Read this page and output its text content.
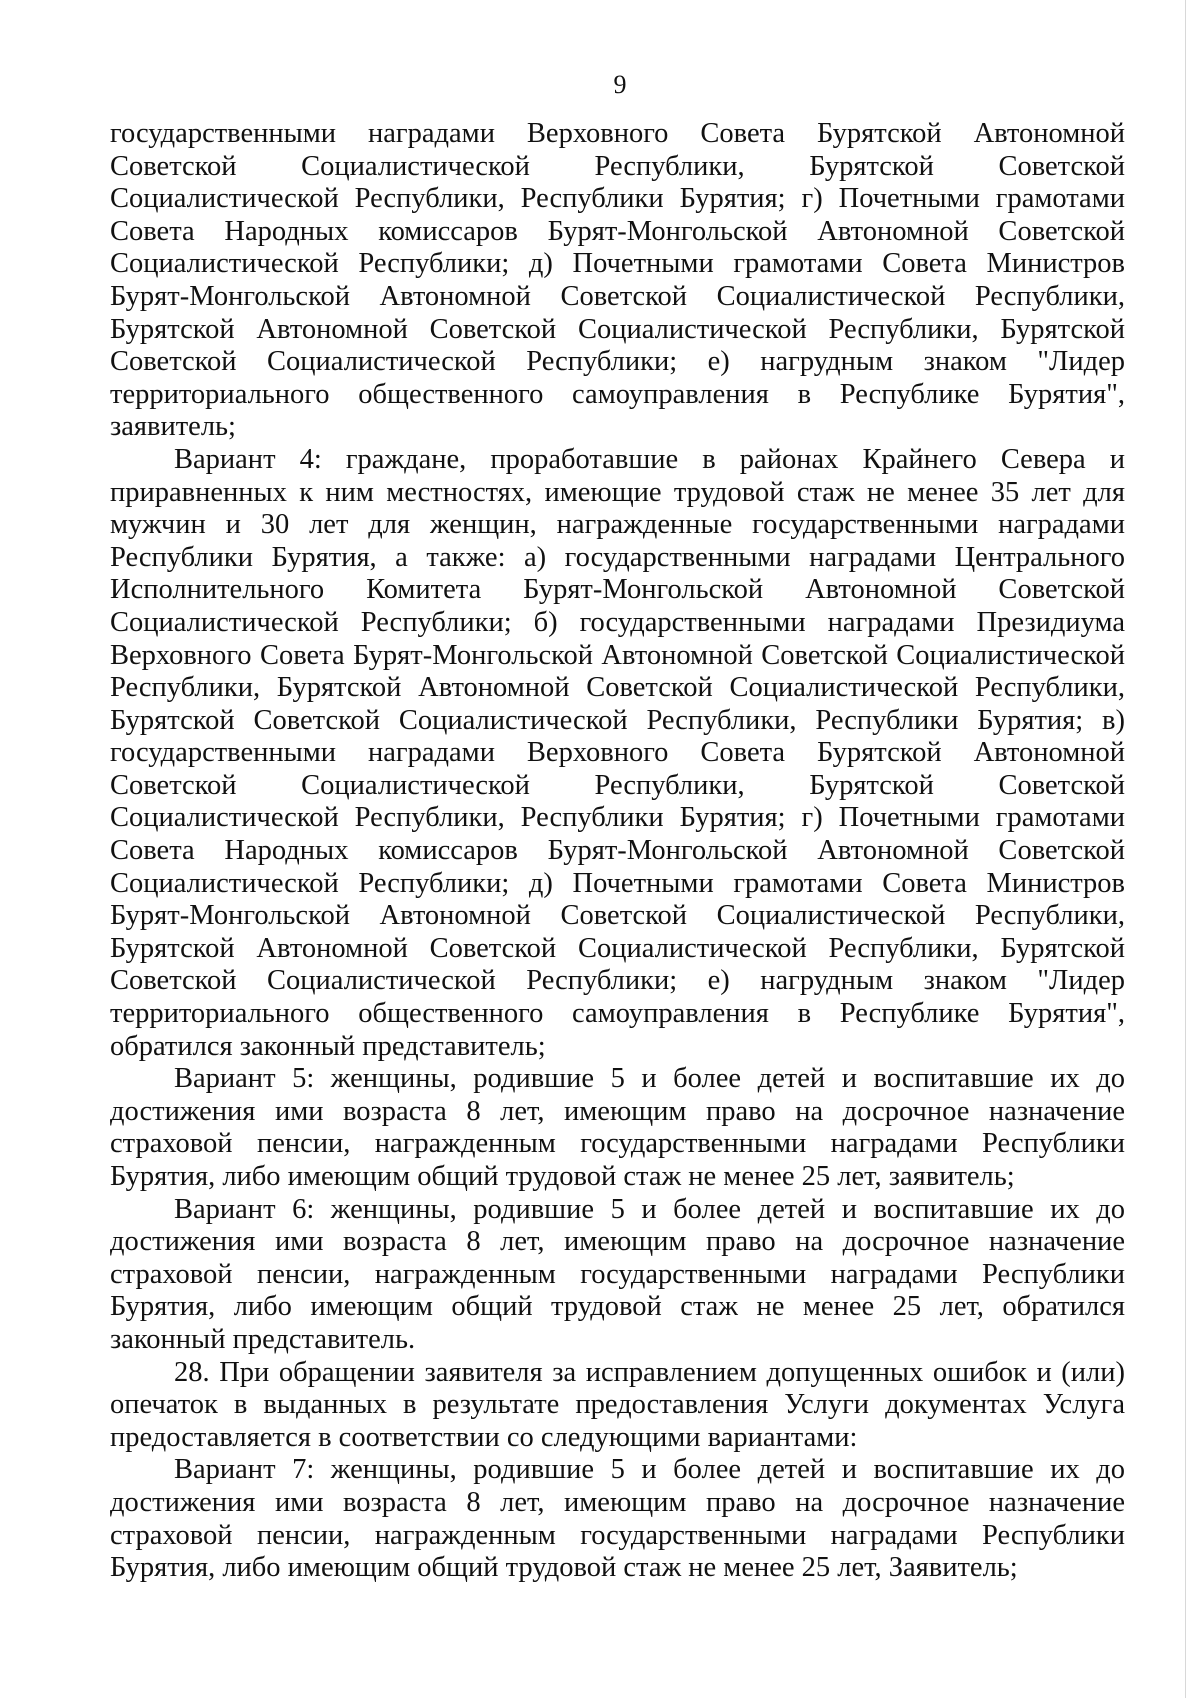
9

государственными наградами Верховного Совета Бурятской Автономной Советской Социалистической Республики, Бурятской Советской Социалистической Республики, Республики Бурятия; г) Почетными грамотами Совета Народных комиссаров Бурят-Монгольской Автономной Советской Социалистической Республики; д) Почетными грамотами Совета Министров Бурят-Монгольской Автономной Советской Социалистической Республики, Бурятской Автономной Советской Социалистической Республики, Бурятской Советской Социалистической Республики; е) нагрудным знаком "Лидер территориального общественного самоуправления в Республике Бурятия", заявитель;

Вариант 4: граждане, проработавшие в районах Крайнего Севера и приравненных к ним местностях, имеющие трудовой стаж не менее 35 лет для мужчин и 30 лет для женщин, награжденные государственными наградами Республики Бурятия, а также: а) государственными наградами Центрального Исполнительного Комитета Бурят-Монгольской Автономной Советской Социалистической Республики; б) государственными наградами Президиума Верховного Совета Бурят-Монгольской Автономной Советской Социалистической Республики, Бурятской Автономной Советской Социалистической Республики, Бурятской Советской Социалистической Республики, Республики Бурятия; в) государственными наградами Верховного Совета Бурятской Автономной Советской Социалистической Республики, Бурятской Советской Социалистической Республики, Республики Бурятия; г) Почетными грамотами Совета Народных комиссаров Бурят-Монгольской Автономной Советской Социалистической Республики; д) Почетными грамотами Совета Министров Бурят-Монгольской Автономной Советской Социалистической Республики, Бурятской Автономной Советской Социалистической Республики, Бурятской Советской Социалистической Республики; е) нагрудным знаком "Лидер территориального общественного самоуправления в Республике Бурятия", обратился законный представитель;

Вариант 5: женщины, родившие 5 и более детей и воспитавшие их до достижения ими возраста 8 лет, имеющим право на досрочное назначение страховой пенсии, награжденным государственными наградами Республики Бурятия, либо имеющим общий трудовой стаж не менее 25 лет, заявитель;

Вариант 6: женщины, родившие 5 и более детей и воспитавшие их до достижения ими возраста 8 лет, имеющим право на досрочное назначение страховой пенсии, награжденным государственными наградами Республики Бурятия, либо имеющим общий трудовой стаж не менее 25 лет, обратился законный представитель.

28. При обращении заявителя за исправлением допущенных ошибок и (или) опечаток в выданных в результате предоставления Услуги документах Услуга предоставляется в соответствии со следующими вариантами:

Вариант 7: женщины, родившие 5 и более детей и воспитавшие их до достижения ими возраста 8 лет, имеющим право на досрочное назначение страховой пенсии, награжденным государственными наградами Республики Бурятия, либо имеющим общий трудовой стаж не менее 25 лет, Заявитель;
